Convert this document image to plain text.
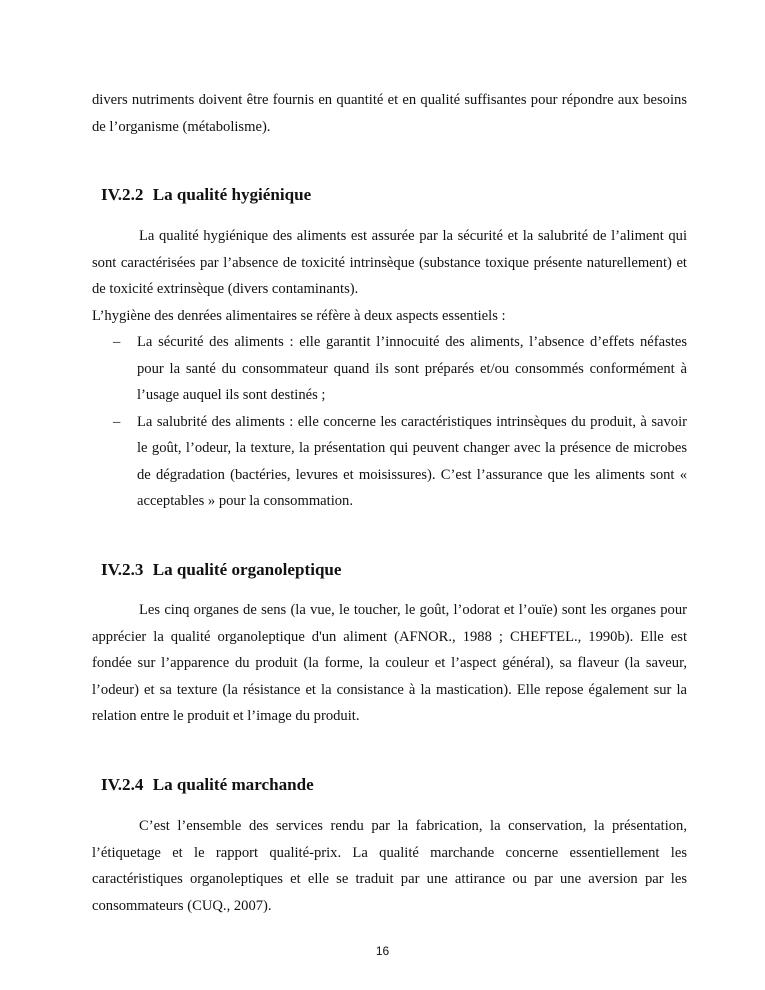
divers nutriments doivent être fournis en quantité et en qualité suffisantes pour répondre aux besoins de l’organisme (métabolisme).

IV.2.2 La qualité hygiénique

La qualité hygiénique des aliments est assurée par la sécurité et la salubrité de l’aliment qui sont caractérisées par l’absence de toxicité intrinsèque (substance toxique présente naturellement) et de toxicité extrinsèque (divers contaminants).

L’hygiène des denrées alimentaires se réfère à deux aspects essentiels :

– La sécurité des aliments : elle garantit l’innocuité des aliments, l’absence d’effets néfastes pour la santé du consommateur quand ils sont préparés et/ou consommés conformément à l’usage auquel ils sont destinés ;
– La salubrité des aliments : elle concerne les caractéristiques intrinsèques du produit, à savoir le goût, l’odeur, la texture, la présentation qui peuvent changer avec la présence de microbes de dégradation (bactéries, levures et moisissures). C’est l’assurance que les aliments sont « acceptables » pour la consommation.
IV.2.3 La qualité organoleptique

Les cinq organes de sens (la vue, le toucher, le goût, l’odorat et l’ouïe) sont les organes pour apprécier la qualité organoleptique d'un aliment (AFNOR., 1988 ; CHEFTEL., 1990b). Elle est fondée sur l’apparence du produit (la forme, la couleur et l’aspect général), sa flaveur (la saveur, l’odeur) et sa texture (la résistance et la consistance à la mastication). Elle repose également sur la relation entre le produit et l’image du produit.

IV.2.4 La qualité marchande

C’est l’ensemble des services rendu par la fabrication, la conservation, la présentation, l’étiquetage et le rapport qualité-prix. La qualité marchande concerne essentiellement les caractéristiques organoleptiques et elle se traduit par une attirance ou par une aversion par les consommateurs (CUQ., 2007).

16
